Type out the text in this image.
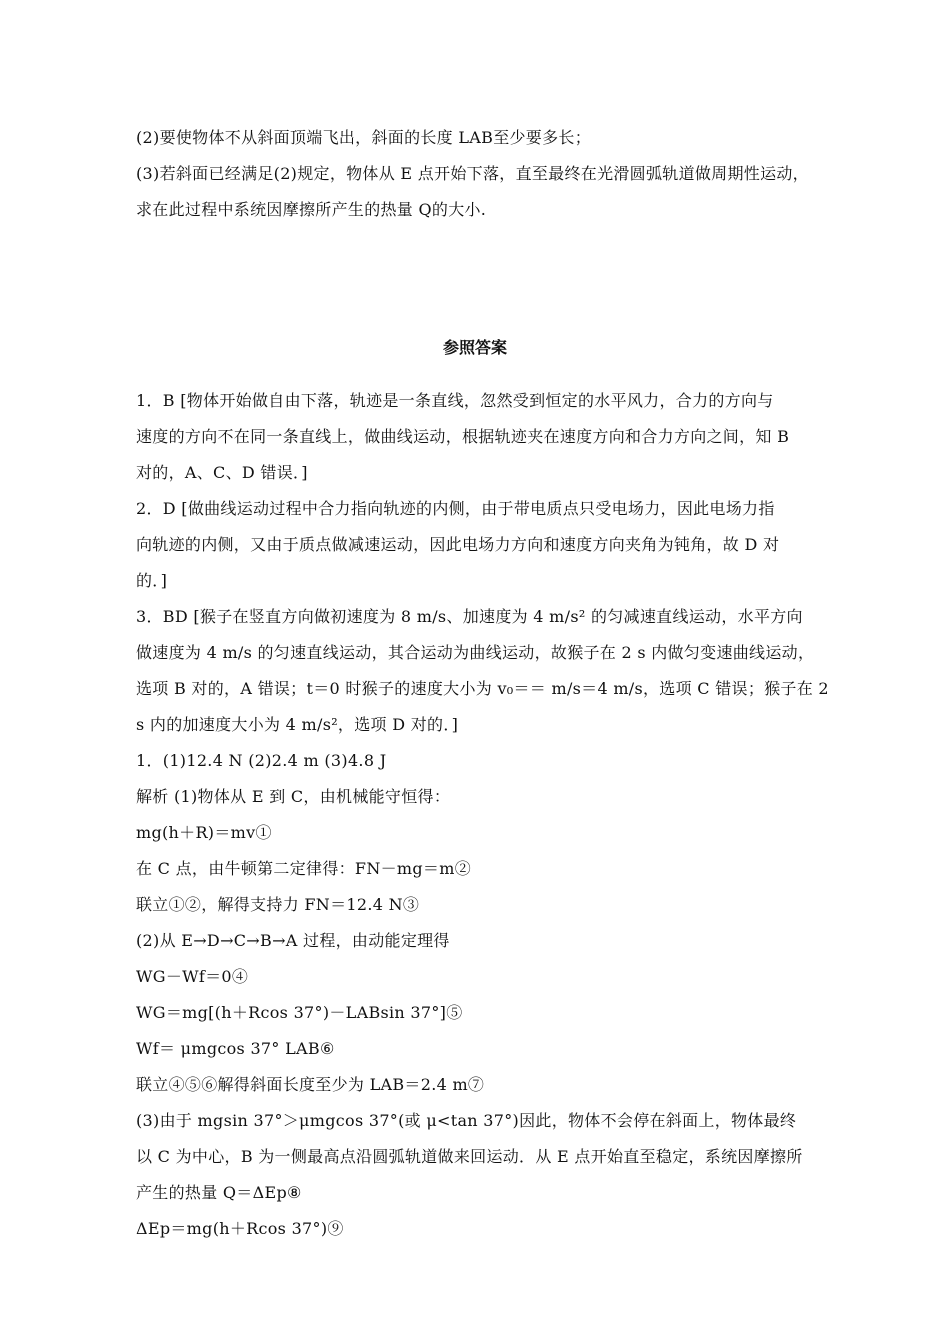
(2)要使物体不从斜面顶端飞出，斜面的长度 LAB至少要多长；
(3)若斜面已经满足(2)规定，物体从 E 点开始下落，直至最终在光滑圆弧轨道做周期性运动，
求在此过程中系统因摩擦所产生的热量 Q的大小.
参照答案
1．B [物体开始做自由下落，轨迹是一条直线，忽然受到恒定的水平风力，合力的方向与
速度的方向不在同一条直线上，做曲线运动，根据轨迹夹在速度方向和合力方向之间，知 B
对的，A、C、D 错误．]
2．D [做曲线运动过程中合力指向轨迹的内侧，由于带电质点只受电场力，因此电场力指
向轨迹的内侧，又由于质点做减速运动，因此电场力方向和速度方向夹角为钝角，故 D 对
的．]
3．BD [猴子在竖直方向做初速度为 8 m/s、加速度为 4 m/s² 的匀减速直线运动，水平方向
做速度为 4 m/s 的匀速直线运动，其合运动为曲线运动，故猴子在 2 s 内做匀变速曲线运动，
选项 B 对的，A 错误；t＝0 时猴子的速度大小为 v₀＝＝ m/s＝4 m/s，选项 C 错误；猴子在 2
s 内的加速度大小为 4 m/s²，选项 D 对的．]
1．(1)12.4 N (2)2.4 m (3)4.8 J
解析 (1)物体从 E 到 C，由机械能守恒得：
mg(h＋R)＝mv①
在 C 点，由牛顿第二定律得：FN－mg＝m②
联立①②，解得支持力 FN＝12.4 N③
(2)从 E→D→C→B→A 过程，由动能定理得
WG－Wf＝0④
WG＝mg[(h＋Rcos 37°)－LABsin 37°]⑤
Wf＝ μmgcos 37° LAB⑥
联立④⑤⑥解得斜面长度至少为 LAB＝2.4 m⑦
(3)由于 mgsin 37°＞μmgcos 37°(或 μ<tan 37°)因此，物体不会停在斜面上，物体最终
以 C 为中心，B 为一侧最高点沿圆弧轨道做来回运动．从 E 点开始直至稳定，系统因摩擦所
产生的热量 Q＝ΔEp⑧
ΔEp＝mg(h＋Rcos 37°)⑨
